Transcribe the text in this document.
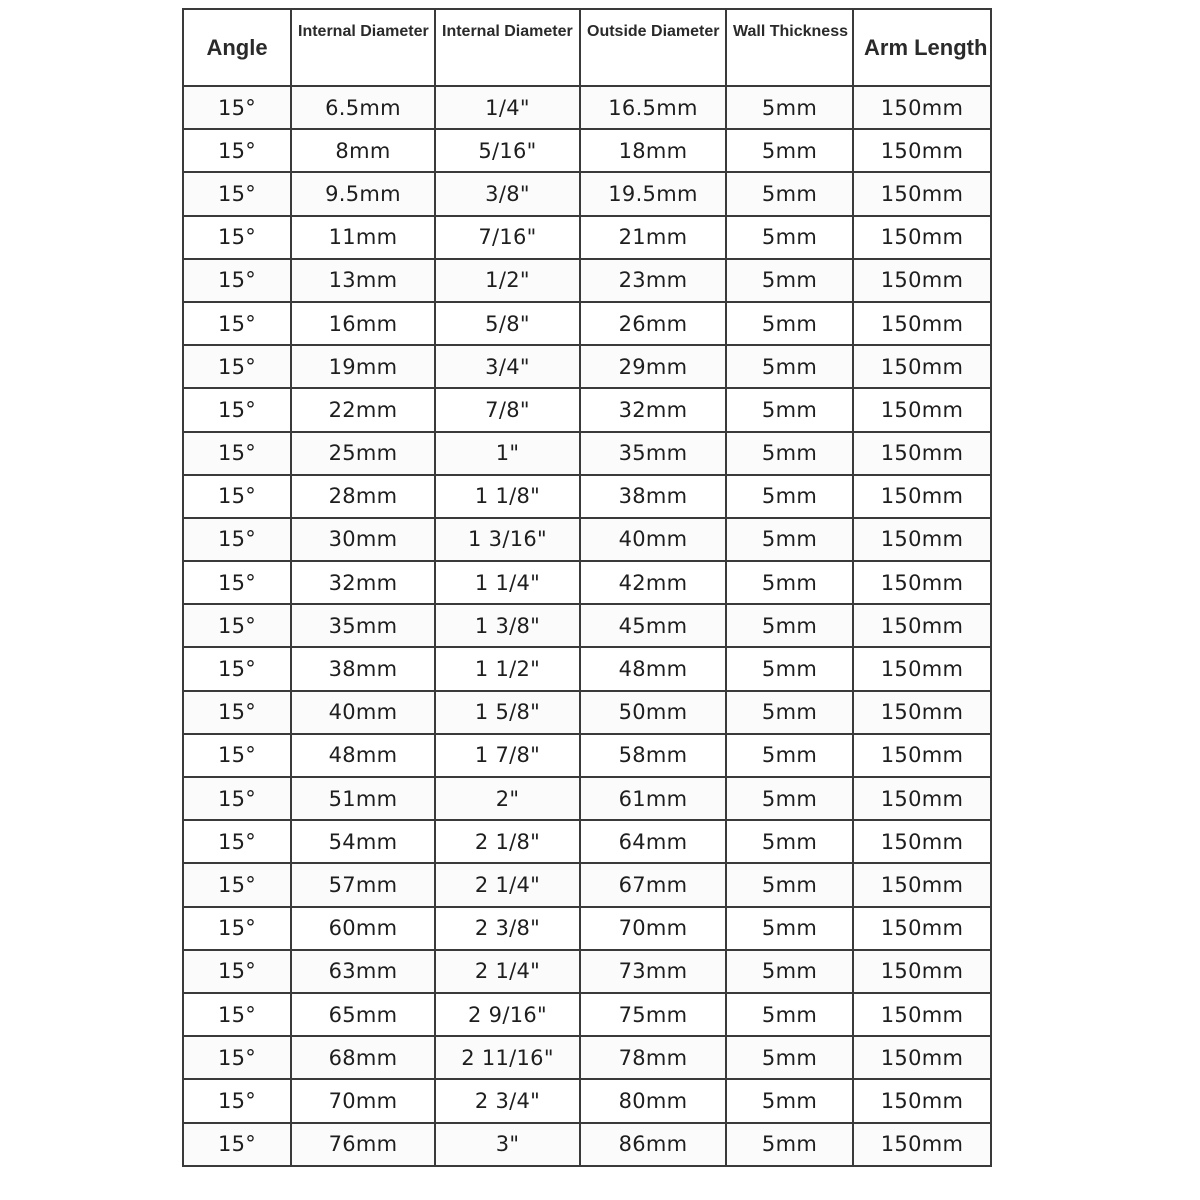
Angle	Internal Diameter	Internal Diameter	Outside Diameter	Wall Thickness	Arm Length
15°	6.5mm	1/4"	16.5mm	5mm	150mm
15°	8mm	5/16"	18mm	5mm	150mm
15°	9.5mm	3/8"	19.5mm	5mm	150mm
15°	11mm	7/16"	21mm	5mm	150mm
15°	13mm	1/2"	23mm	5mm	150mm
15°	16mm	5/8"	26mm	5mm	150mm
15°	19mm	3/4"	29mm	5mm	150mm
15°	22mm	7/8"	32mm	5mm	150mm
15°	25mm	1"	35mm	5mm	150mm
15°	28mm	1 1/8"	38mm	5mm	150mm
15°	30mm	1 3/16"	40mm	5mm	150mm
15°	32mm	1 1/4"	42mm	5mm	150mm
15°	35mm	1 3/8"	45mm	5mm	150mm
15°	38mm	1 1/2"	48mm	5mm	150mm
15°	40mm	1 5/8"	50mm	5mm	150mm
15°	48mm	1 7/8"	58mm	5mm	150mm
15°	51mm	2"	61mm	5mm	150mm
15°	54mm	2 1/8"	64mm	5mm	150mm
15°	57mm	2 1/4"	67mm	5mm	150mm
15°	60mm	2 3/8"	70mm	5mm	150mm
15°	63mm	2 1/4"	73mm	5mm	150mm
15°	65mm	2 9/16"	75mm	5mm	150mm
15°	68mm	2 11/16"	78mm	5mm	150mm
15°	70mm	2 3/4"	80mm	5mm	150mm
15°	76mm	3"	86mm	5mm	150mm
